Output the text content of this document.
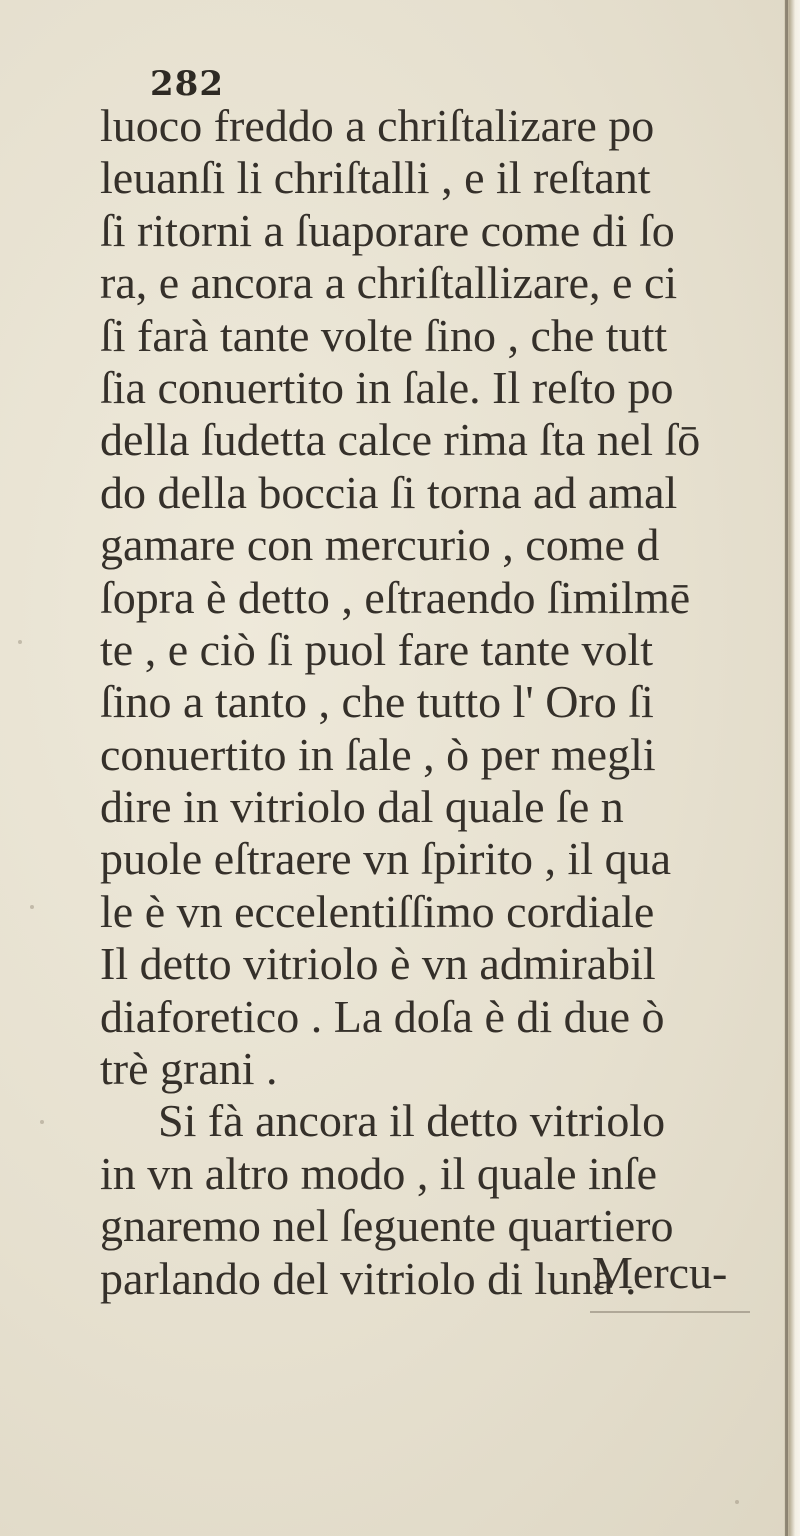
282
luoco freddo a chriſtalizare po
leuanſi li chriſtalli , e il reſtant
ſi ritorni a ſuaporare come di ſo
ra, e ancora a chriſtallizare, e ci
ſi farà tante volte ſino , che tutt
ſia conuertito in ſale. Il reſto po
della ſudetta calce rima ſta nel ſō
do della boccia ſi torna ad amal
gamare con mercurio , come d
ſopra è detto , eſtraendo ſimilmē
te , e ciò ſi puol fare tante volt
ſino a tanto , che tutto l' Oro ſi
conuertito in ſale , ò per megli
dire in vitriolo dal quale ſe n
puole eſtraere vn ſpirito , il qua
le è vn eccelentiſſimo cordiale
Il detto vitriolo è vn admirabil
diaforetico . La doſa è di due ò
trè grani .
Si fà ancora il detto vitriolo
in vn altro modo , il quale inſe
gnaremo nel ſeguente quartiero
parlando del vitriolo di luna .
Mercu-
